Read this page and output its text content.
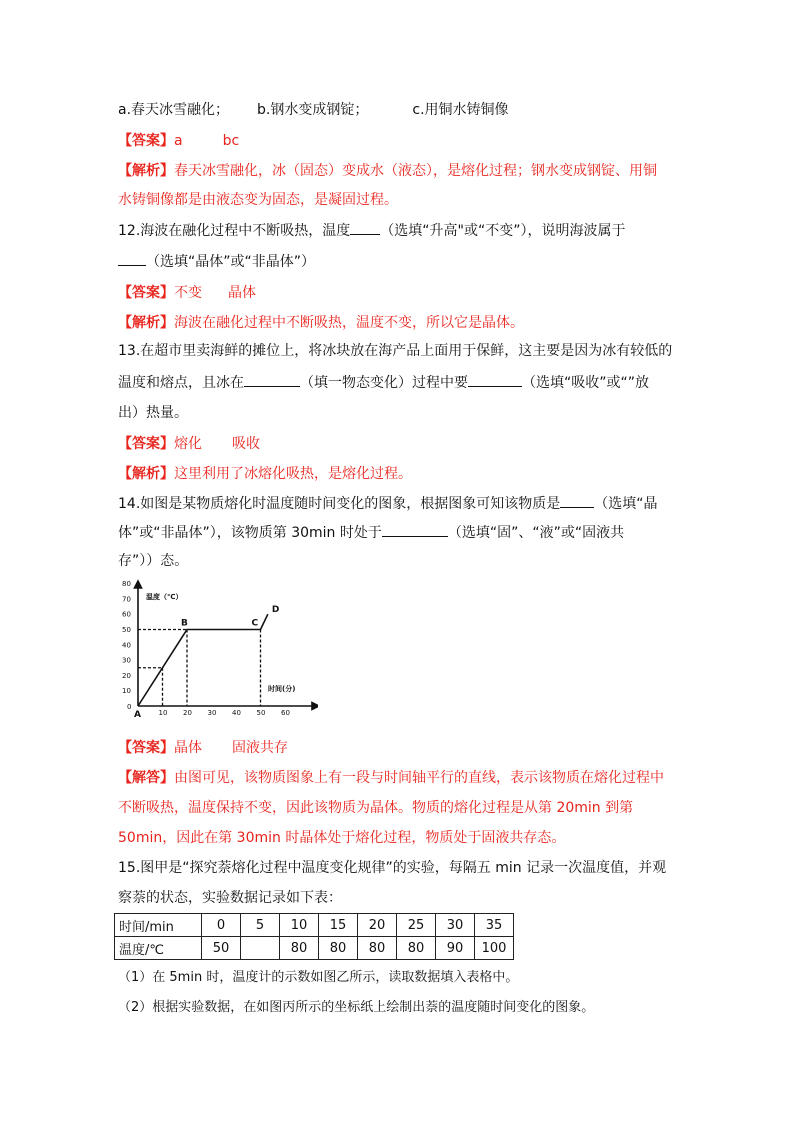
a.春天冰雪融化； b.钢水变成钢锭；	c.用铜水铸铜像
【答案】a	bc
【解析】春天冰雪融化，冰（固态）变成水（液态），是熔化过程；钢水变成钢锭、用铜
水铸铜像都是由液态变为固态，是凝固过程。
12.海波在融化过程中不断吸热，温度 （选填“升高"或“不变”），说明海波属于
（选填“晶体”或“非晶体”）
【答案】不变 晶体
【解析】海波在融化过程中不断吸热，温度不变，所以它是晶体。
13.在超市里卖海鲜的摊位上，将冰块放在海产品上面用于保鲜，这主要是因为冰有较低的
温度和熔点，且冰在	（填一物态变化）过程中要	（选填“吸收”或“”放
出）热量。
【答案】熔化 吸收
【解析】这里利用了冰熔化吸热，是熔化过程。
14.如图是某物质熔化时温度随时间变化的图象，根据图象可知该物质是 （选填“晶
体”或“非晶体”），该物质第 30min 时处于	（选填“固”、“液”或“固液共
存”））态。
10
20
30
40
50
60
70
80
10 20 30 40 50 60
A
B	C
D
温度（℃）
时间(分)
0
【答案】晶体 固液共存
【解答】由图可见，该物质图象上有一段与时间轴平行的直线，表示该物质在熔化过程中
不断吸热，温度保持不变，因此该物质为晶体。物质的熔化过程是从第 20min 到第
50min，因此在第 30min 时晶体处于熔化过程，物质处于固液共存态。
15.图甲是“探究萘熔化过程中温度变化规律”的实验，每隔五 min 记录一次温度值，并观
察萘的状态，实验数据记录如下表：
时间/min	0	5	10	15	20	25	30	35
温度/℃	50		80	80	80	80	90	100
（1）在 5min 时，温度计的示数如图乙所示，读取数据填入表格中。
（2）根据实验数据，在如图丙所示的坐标纸上绘制出萘的温度随时间变化的图象。
